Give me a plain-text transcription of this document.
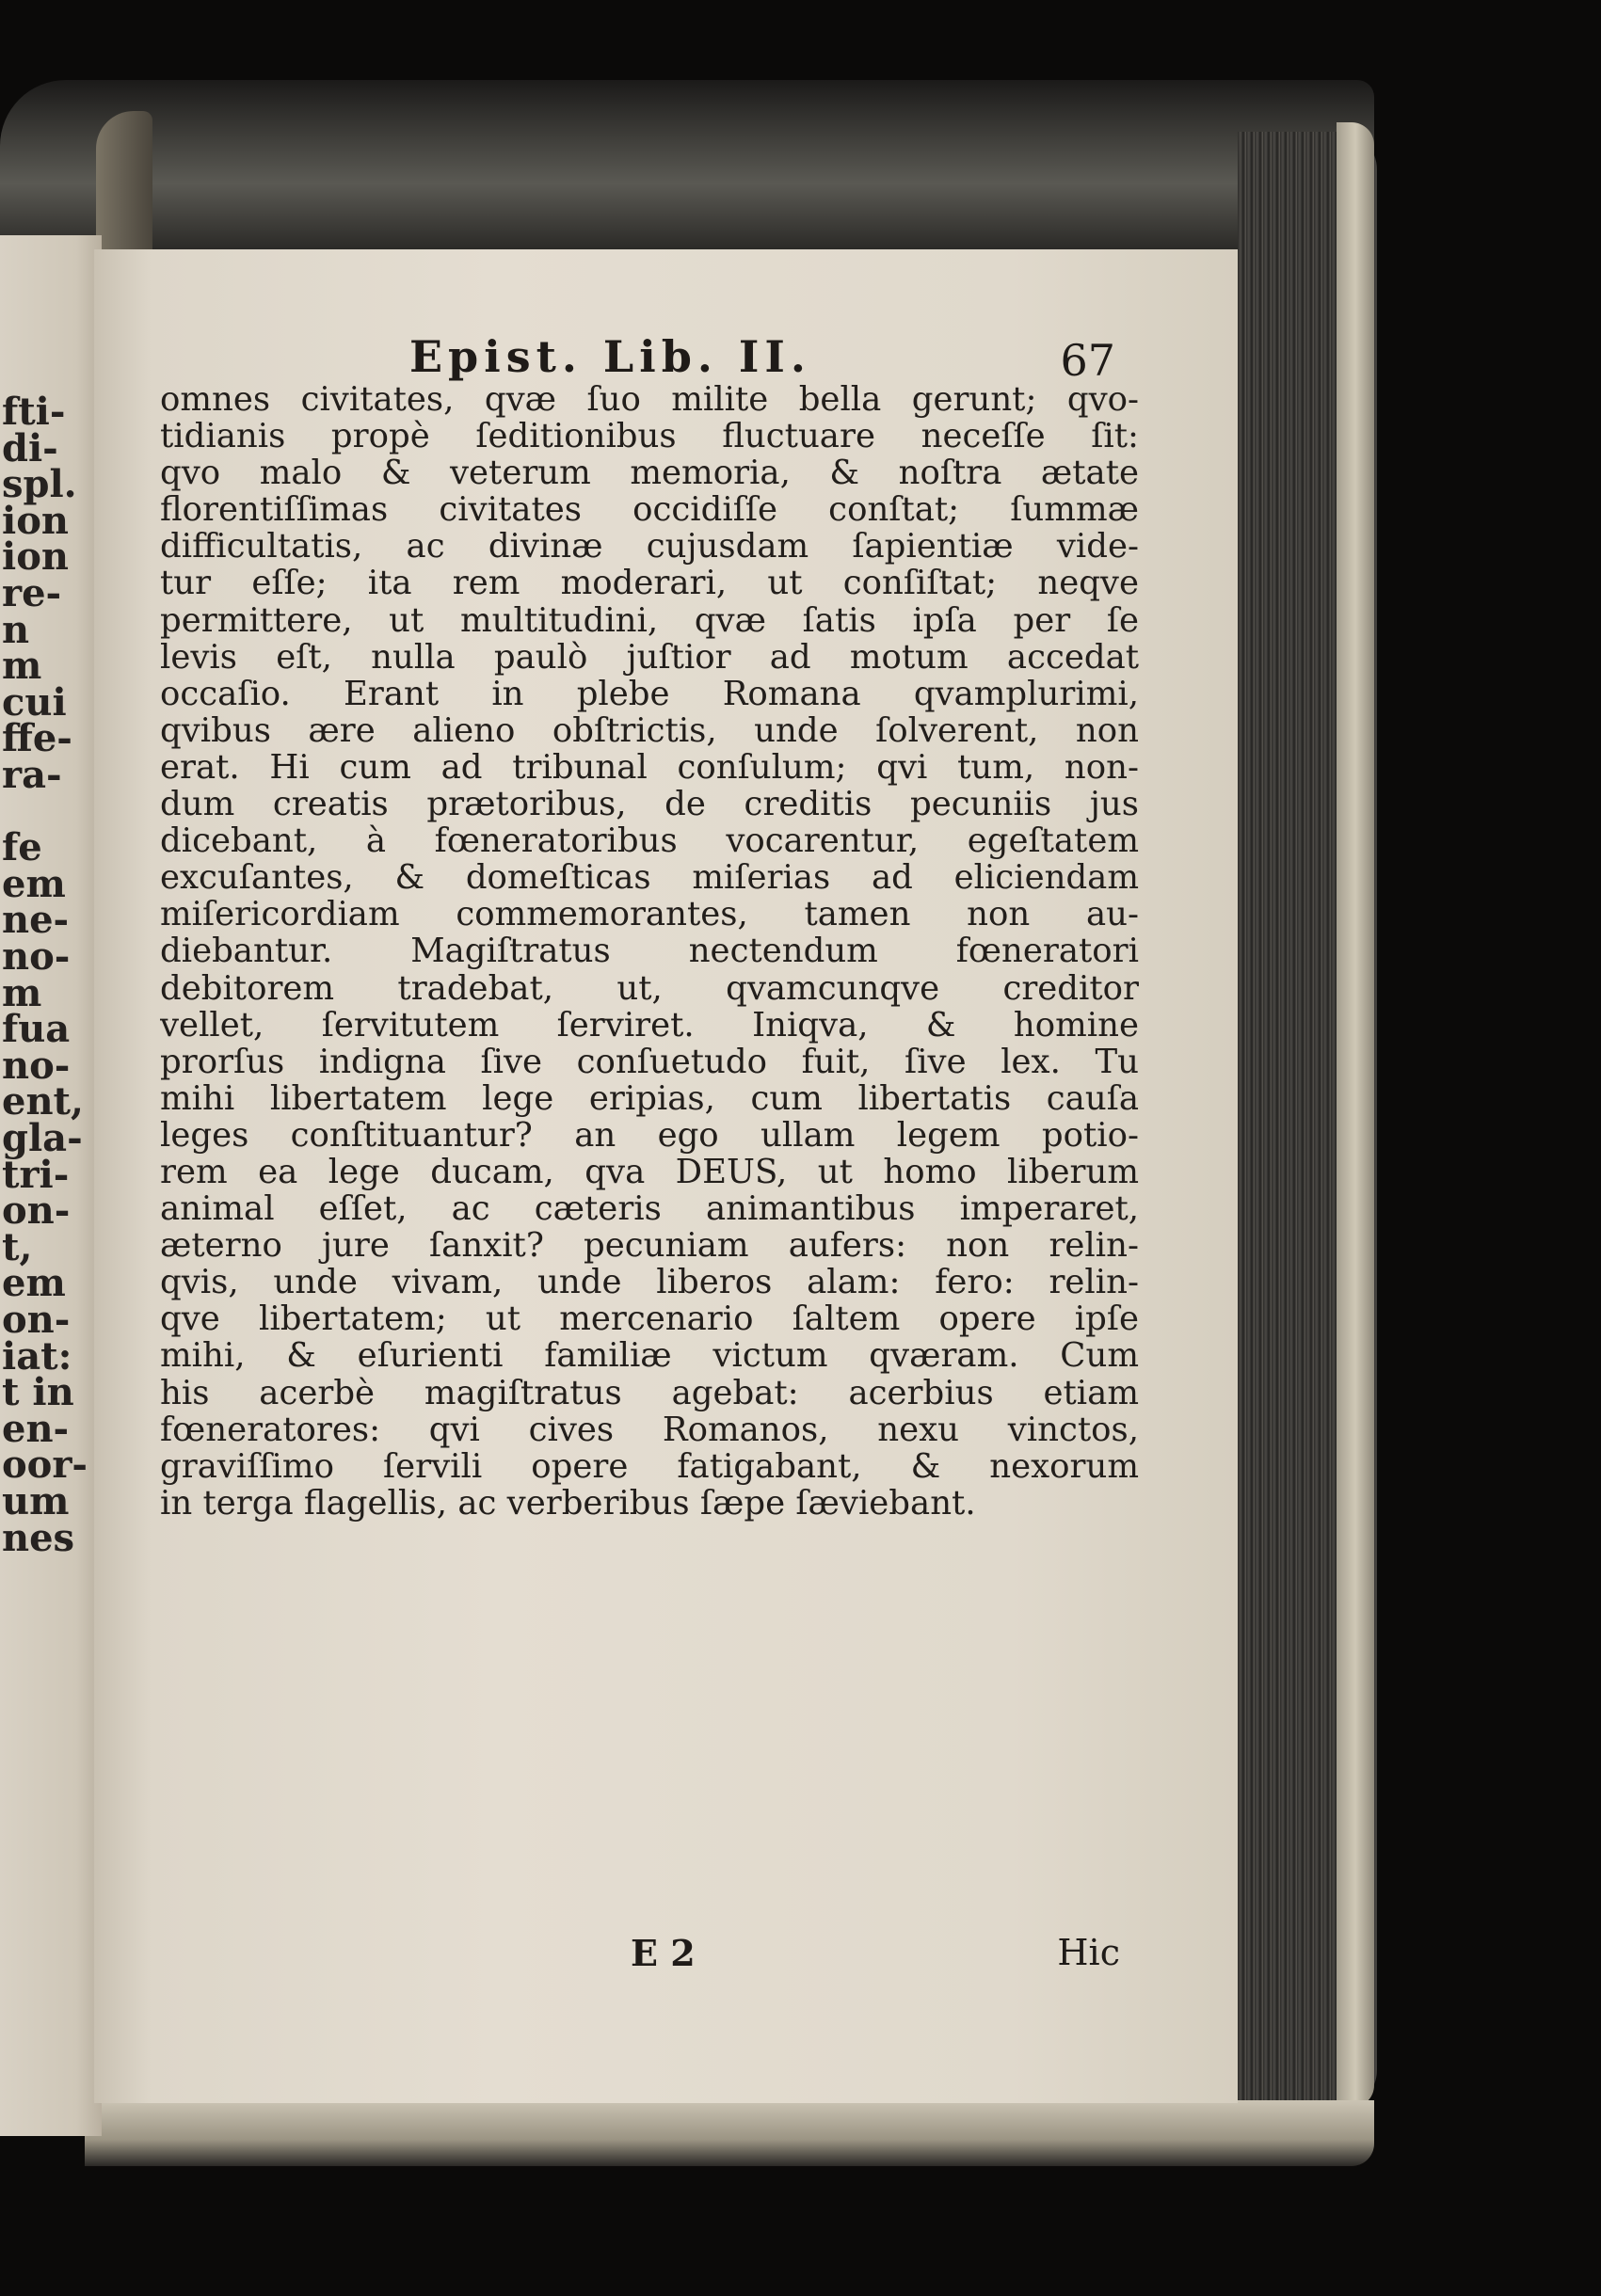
fti-
di-
spl.
ion
ion
re-
n
m
cui
ffe-
ra-
fe
em
ne-
no-
m
fua
no-
ent,
gla-
tri-
on-
t,
em
on-
iat:
t in
en-
oor-
um
nes
Epist. Lib. II.	67
omnes civitates, qvæ ſuo milite bella gerunt; qvo-
tidianis propè ſeditionibus fluctuare neceſſe ſit:
qvo malo & veterum memoria, & noſtra ætate
florentiſſimas civitates occidiſſe conſtat; ſummæ
difficultatis, ac divinæ cujusdam ſapientiæ vide-
tur eſſe; ita rem moderari, ut conſiſtat; neqve
permittere, ut multitudini, qvæ ſatis ipſa per ſe
levis eſt, nulla paulò juſtior ad motum accedat
occaſio. Erant in plebe Romana qvamplurimi,
qvibus ære alieno obſtrictis, unde ſolverent, non
erat. Hi cum ad tribunal conſulum; qvi tum, non-
dum creatis prætoribus, de creditis pecuniis jus
dicebant, à fœneratoribus vocarentur, egeſtatem
excuſantes, & domeſticas miſerias ad eliciendam
miſericordiam commemorantes, tamen non au-
diebantur. Magiſtratus nectendum fœneratori
debitorem tradebat, ut, qvamcunqve creditor
vellet, ſervitutem ſerviret. Iniqva, & homine
prorſus indigna ſive conſuetudo fuit, ſive lex. Tu
mihi libertatem lege eripias, cum libertatis cauſa
leges conſtituantur? an ego ullam legem potio-
rem ea lege ducam, qva DEUS, ut homo liberum
animal eſſet, ac cæteris animantibus imperaret,
æterno jure ſanxit? pecuniam aufers: non relin-
qvis, unde vivam, unde liberos alam: fero: relin-
qve libertatem; ut mercenario ſaltem opere ipſe
mihi, & eſurienti familiæ victum qværam. Cum
his acerbè magiſtratus agebat: acerbius etiam
fœneratores: qvi cives Romanos, nexu vinctos,
graviſſimo ſervili opere fatigabant, & nexorum
in terga flagellis, ac verberibus ſæpe ſæviebant.
E 2	Hic
